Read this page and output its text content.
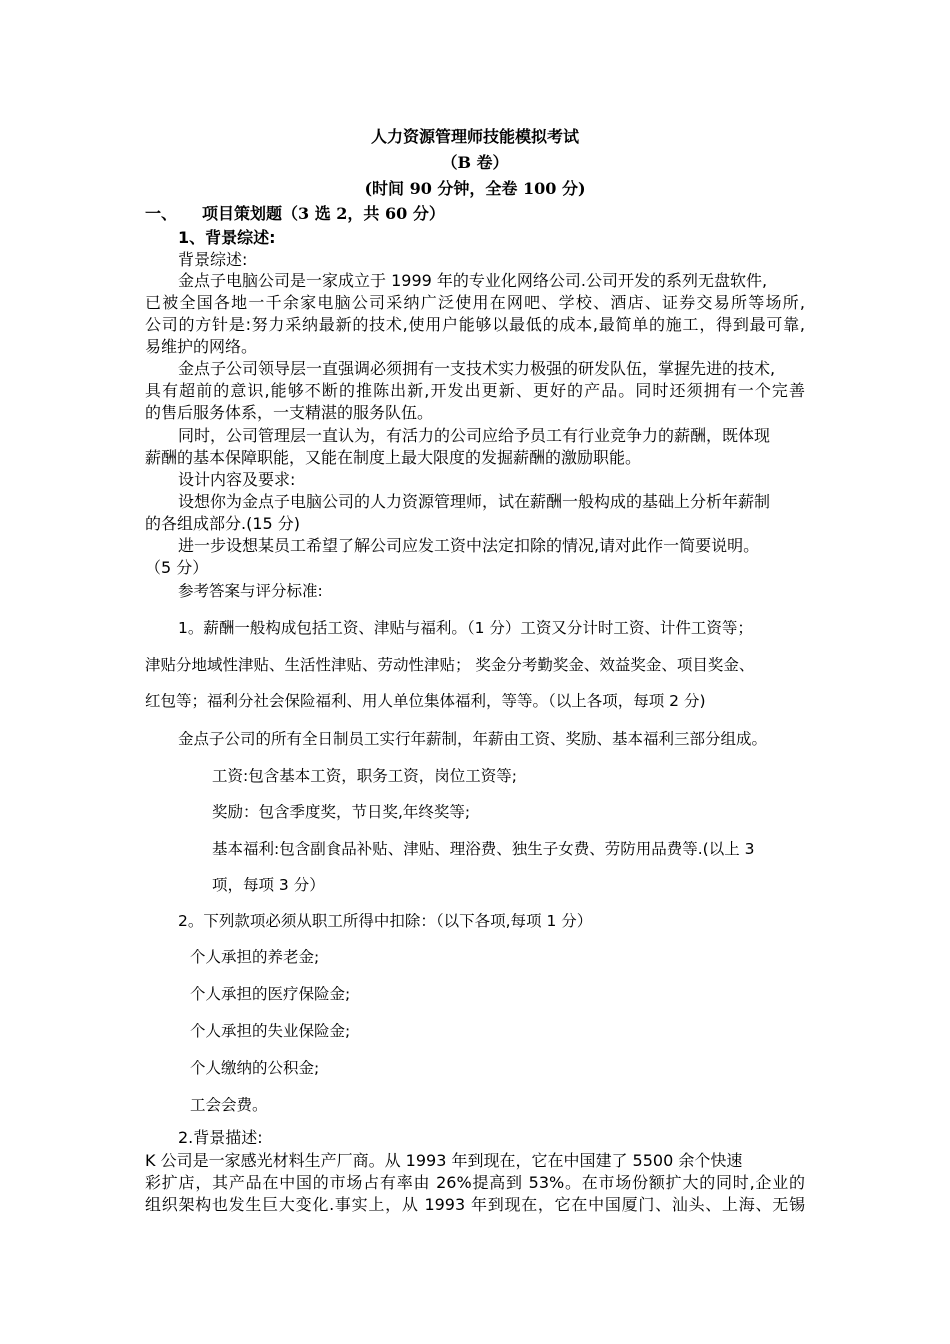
人力资源管理师技能模拟考试
（B 卷）
(时间 90 分钟，全卷 100 分)
一、 项目策划题（3 选 2，共 60 分）
1、背景综述:
背景综述:
金点子电脑公司是一家成立于 1999 年的专业化网络公司.公司开发的系列无盘软件,
已被全国各地一千余家电脑公司采纳广泛使用在网吧、学校、酒店、证券交易所等场所,
公司的方针是:努力采纳最新的技术,使用户能够以最低的成本,最简单的施工，得到最可靠,
易维护的网络。
金点子公司领导层一直强调必须拥有一支技术实力极强的研发队伍，掌握先进的技术,
具有超前的意识,能够不断的推陈出新,开发出更新、更好的产品。同时还须拥有一个完善
的售后服务体系，一支精湛的服务队伍。
同时，公司管理层一直认为，有活力的公司应给予员工有行业竞争力的薪酬，既体现
薪酬的基本保障职能，又能在制度上最大限度的发掘薪酬的激励职能。
设计内容及要求:
设想你为金点子电脑公司的人力资源管理师，试在薪酬一般构成的基础上分析年薪制
的各组成部分.(15 分)
进一步设想某员工希望了解公司应发工资中法定扣除的情况,请对此作一简要说明。
（5 分）
参考答案与评分标准:
1。薪酬一般构成包括工资、津贴与福利。（1 分）工资又分计时工资、计件工资等；
津贴分地域性津贴、生活性津贴、劳动性津贴； 奖金分考勤奖金、效益奖金、项目奖金、
红包等；福利分社会保险福利、用人单位集体福利，等等。（以上各项，每项 2 分)
金点子公司的所有全日制员工实行年薪制，年薪由工资、奖励、基本福利三部分组成。
工资:包含基本工资，职务工资，岗位工资等;
奖励：包含季度奖，节日奖,年终奖等;
基本福利:包含副食品补贴、津贴、理浴费、独生子女费、劳防用品费等.(以上 3
项，每项 3 分）
2。下列款项必须从职工所得中扣除：（以下各项,每项 1 分）
个人承担的养老金;
个人承担的医疗保险金;
个人承担的失业保险金;
个人缴纳的公积金;
工会会费。
2.背景描述:
K 公司是一家感光材料生产厂商。从 1993 年到现在，它在中国建了 5500 余个快速
彩扩店，其产品在中国的市场占有率由 26%提高到 53%。在市场份额扩大的同时,企业的
组织架构也发生巨大变化.事实上，从 1993 年到现在，它在中国厦门、汕头、上海、无锡
